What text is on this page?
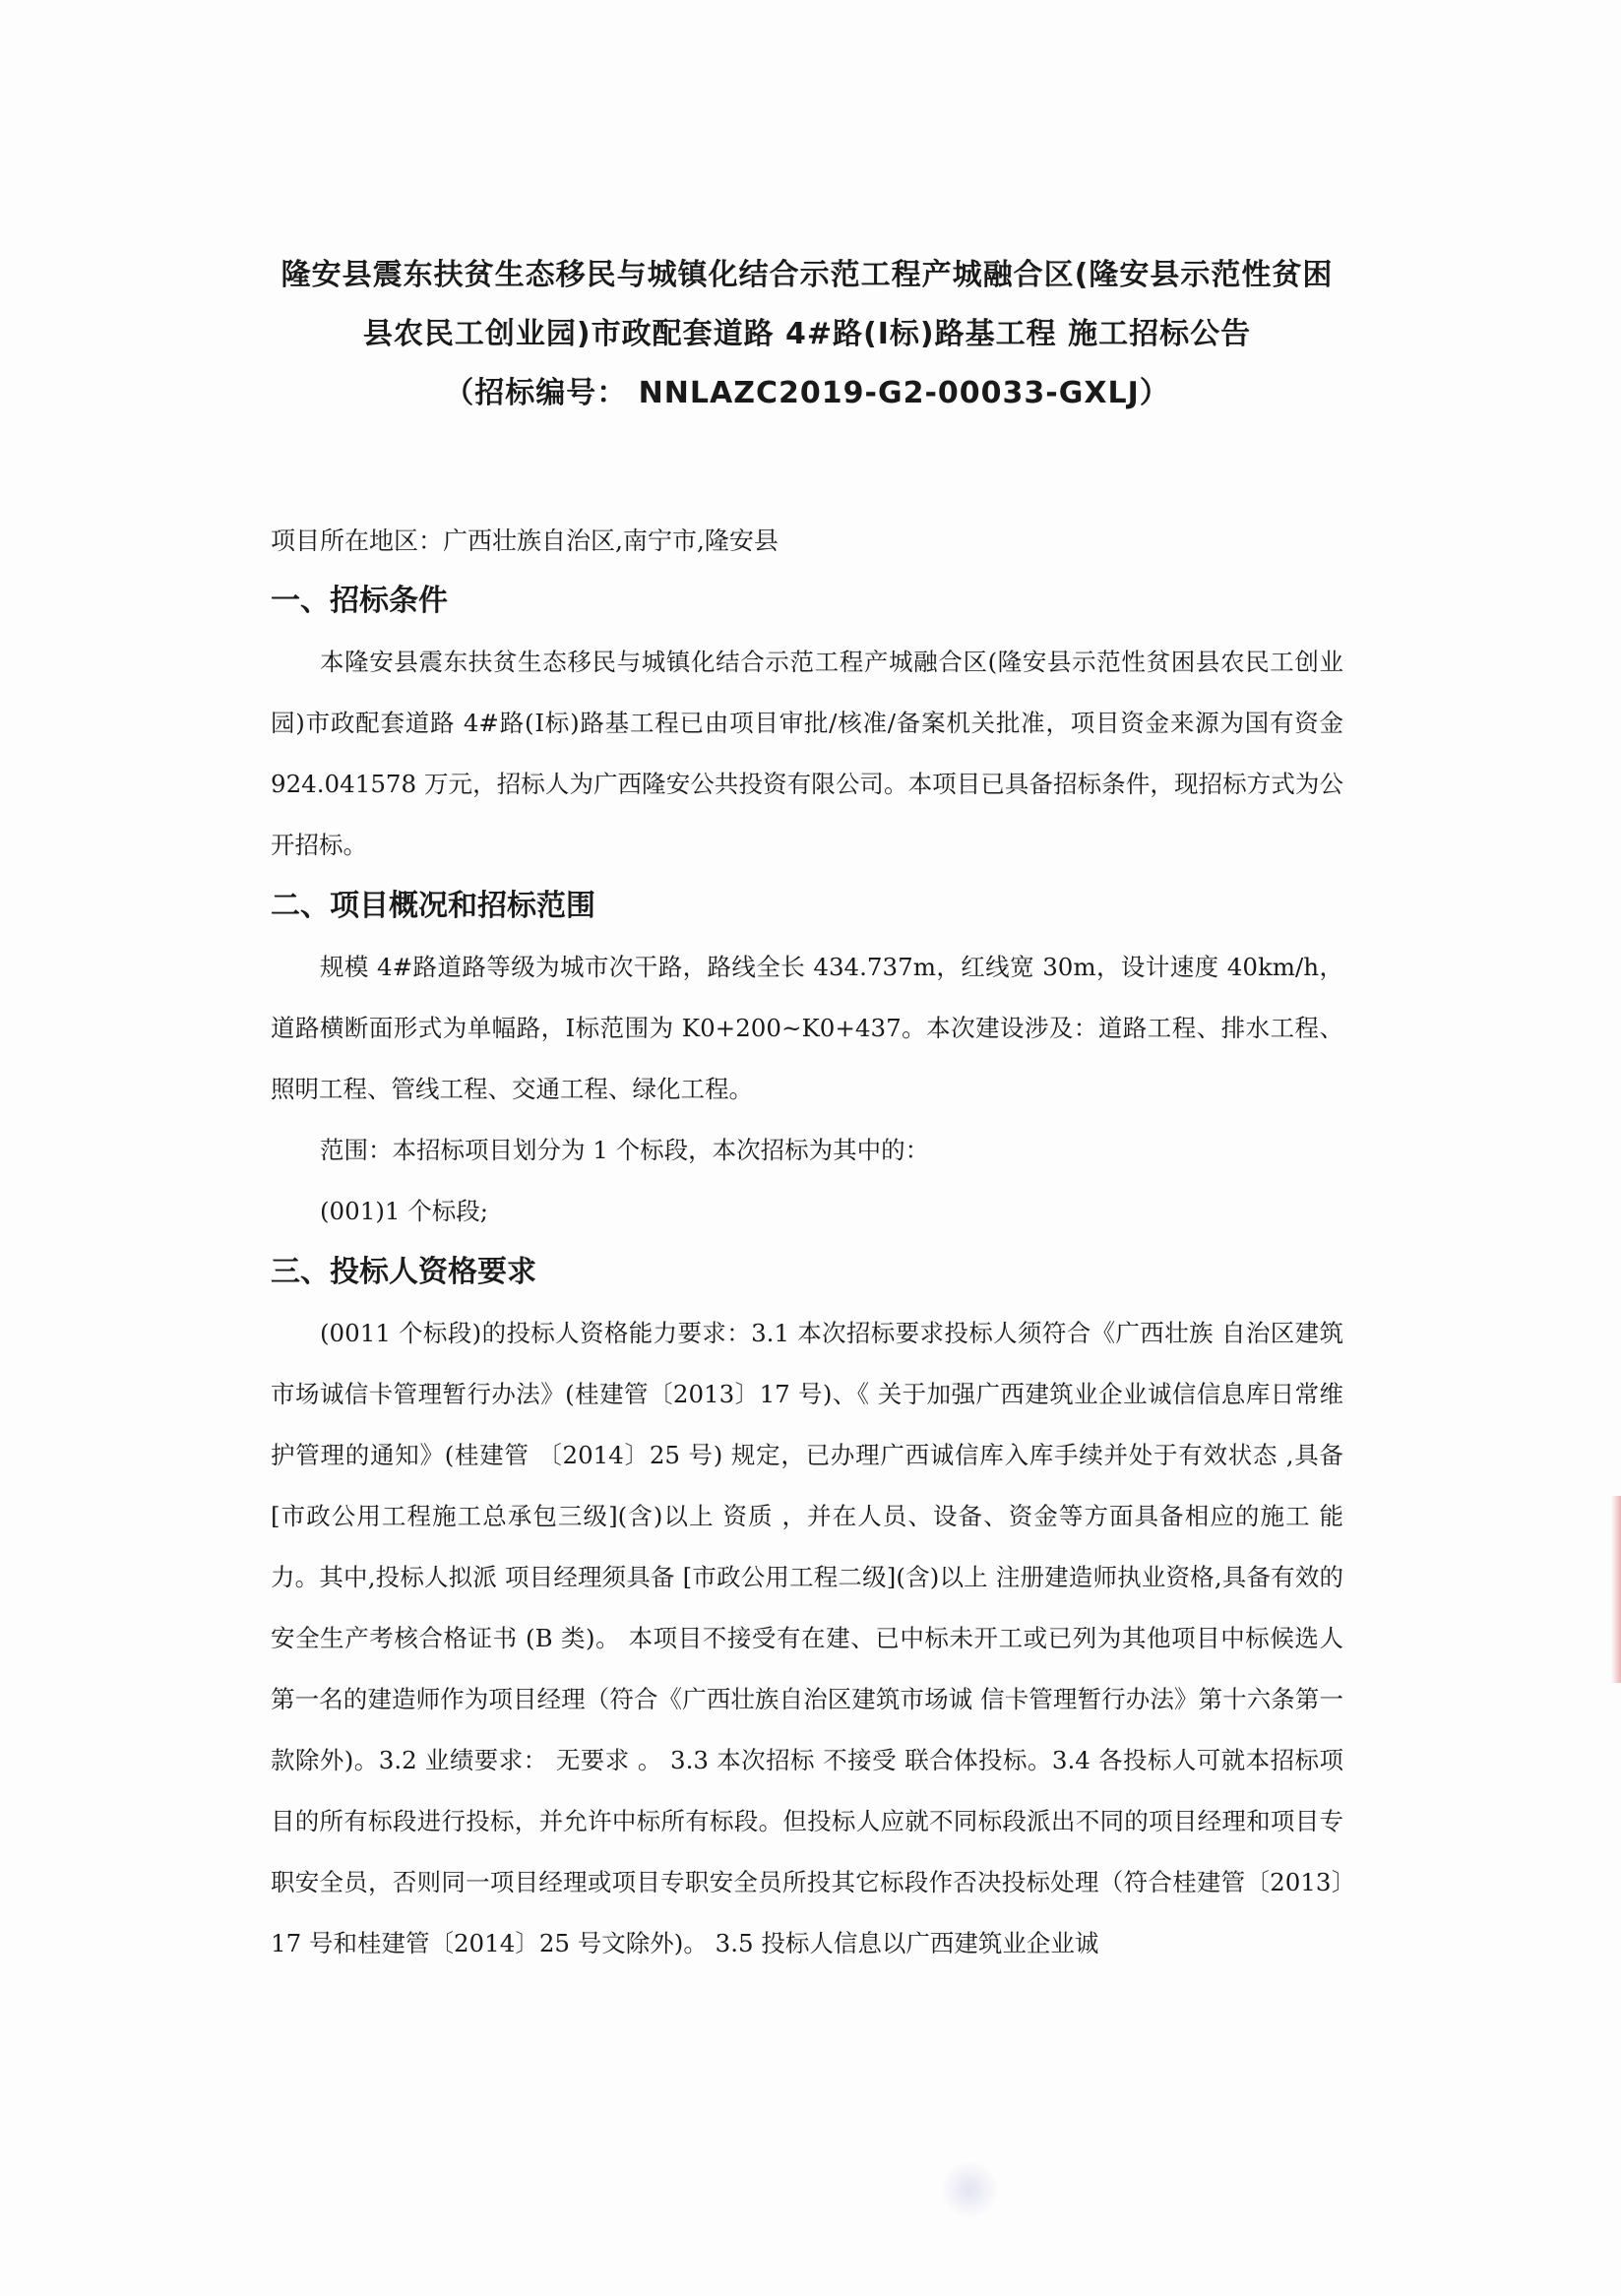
隆安县震东扶贫生态移民与城镇化结合示范工程产城融合区(隆安县示范性贫困
县农民工创业园)市政配套道路 4#路(Ⅰ标)路基工程 施工招标公告
（招标编号： NNLAZC2019-G2-00033-GXLJ）

项目所在地区：广西壮族自治区,南宁市,隆安县

一、招标条件

本隆安县震东扶贫生态移民与城镇化结合示范工程产城融合区(隆安县示范性贫困县农民工创业园)市政配套道路 4#路(Ⅰ标)路基工程已由项目审批/核准/备案机关批准，项目资金来源为国有资金 924.041578 万元，招标人为广西隆安公共投资有限公司。本项目已具备招标条件，现招标方式为公开招标。

二、项目概况和招标范围

规模 4#路道路等级为城市次干路，路线全长 434.737m，红线宽 30m，设计速度 40km/h，道路横断面形式为单幅路，Ⅰ标范围为 K0+200~K0+437。本次建设涉及：道路工程、排水工程、照明工程、管线工程、交通工程、绿化工程。

范围：本招标项目划分为 1 个标段，本次招标为其中的：

(001)1 个标段;

三、投标人资格要求

(0011 个标段)的投标人资格能力要求：3.1 本次招标要求投标人须符合《广西壮族 自治区建筑市场诚信卡管理暂行办法》(桂建管〔2013〕17 号)、《 关于加强广西建筑业企业诚信信息库日常维护管理的通知》(桂建管 〔2014〕25 号) 规定，已办理广西诚信库入库手续并处于有效状态 ,具备 [市政公用工程施工总承包三级](含)以上 资质 ，并在人员、设备、资金等方面具备相应的施工 能力。其中,投标人拟派 项目经理须具备 [市政公用工程二级](含)以上 注册建造师执业资格,具备有效的安全生产考核合格证书 (B 类)。 本项目不接受有在建、已中标未开工或已列为其他项目中标候选人 第一名的建造师作为项目经理（符合《广西壮族自治区建筑市场诚 信卡管理暂行办法》第十六条第一款除外)。3.2 业绩要求： 无要求 。 3.3 本次招标 不接受 联合体投标。3.4 各投标人可就本招标项目的所有标段进行投标，并允许中标所有标段。但投标人应就不同标段派出不同的项目经理和项目专职安全员，否则同一项目经理或项目专职安全员所投其它标段作否决投标处理（符合桂建管〔2013〕17 号和桂建管〔2014〕25 号文除外)。 3.5 投标人信息以广西建筑业企业诚
